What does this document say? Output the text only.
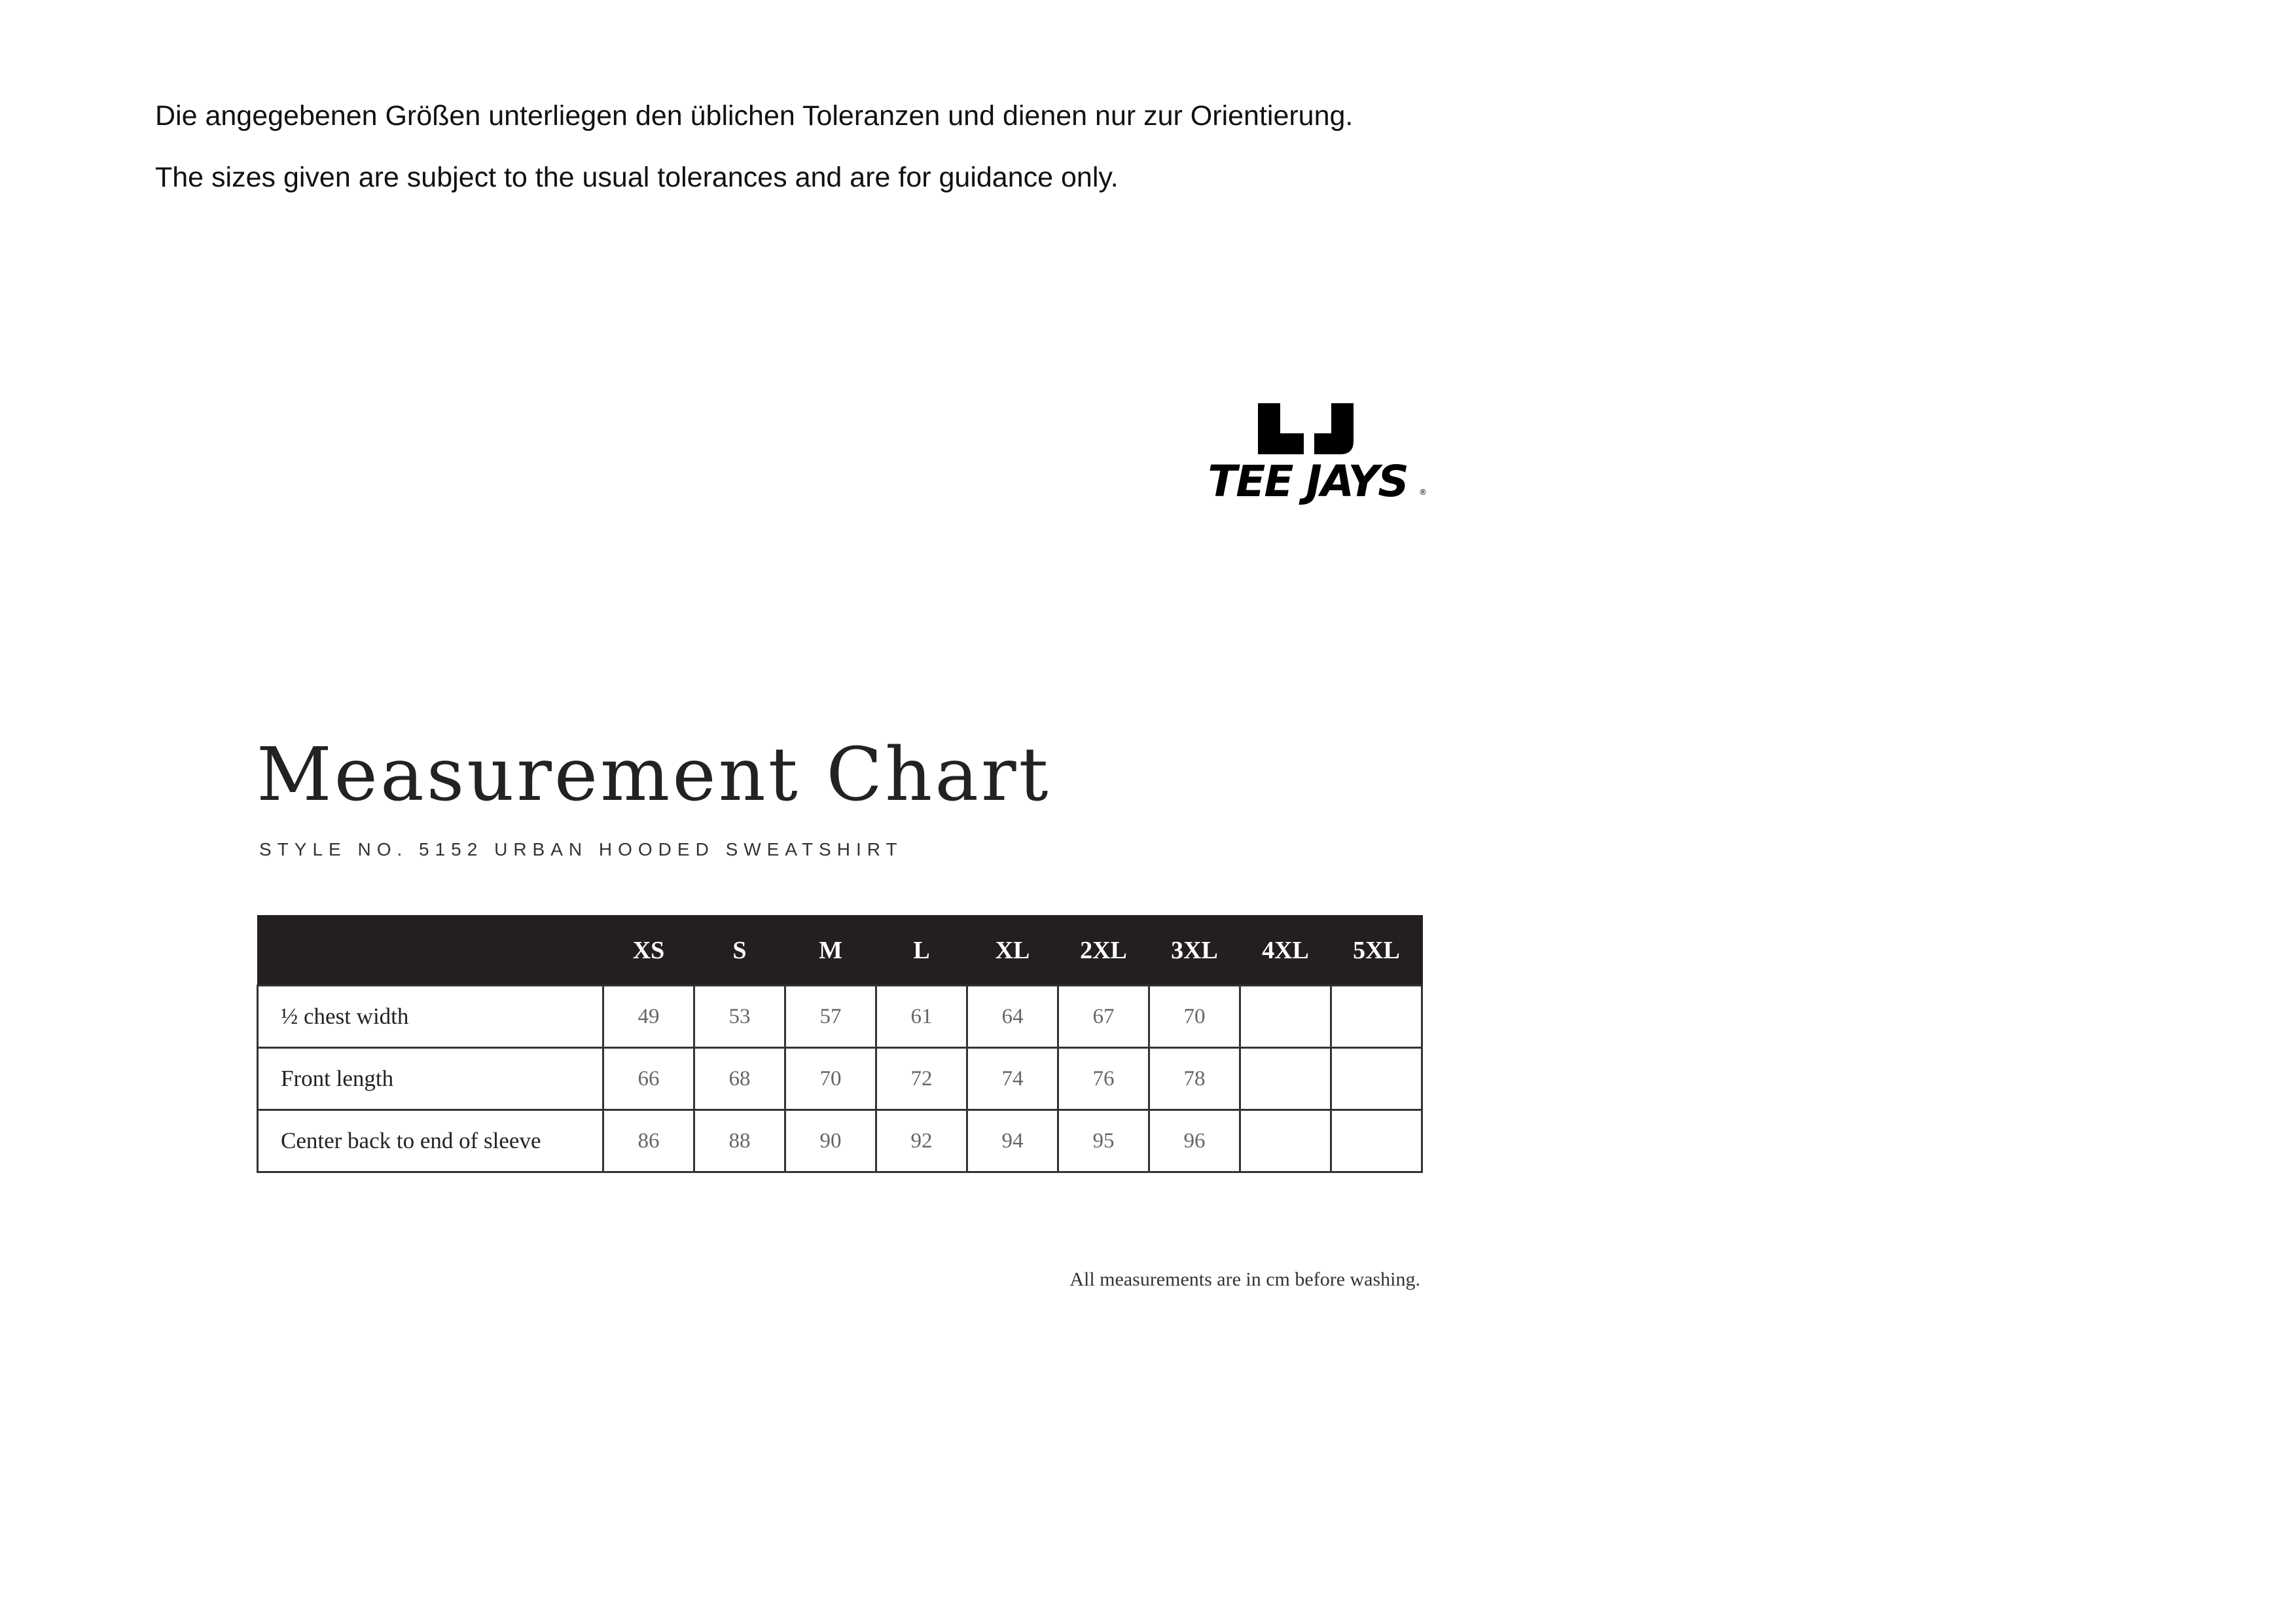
Die angegebenen Größen unterliegen den üblichen Toleranzen und dienen nur zur Orientierung.
The sizes given are subject to the usual tolerances and are for guidance only.
TEE JAYS ®
Measurement Chart
STYLE NO. 5152 URBAN HOODED SWEATSHIRT
	XS	S	M	L	XL	2XL	3XL	4XL	5XL
½ chest width	49	53	57	61	64	67	70		
Front length	66	68	70	72	74	76	78		
Center back to end of sleeve	86	88	90	92	94	95	96		
All measurements are in cm before washing.
